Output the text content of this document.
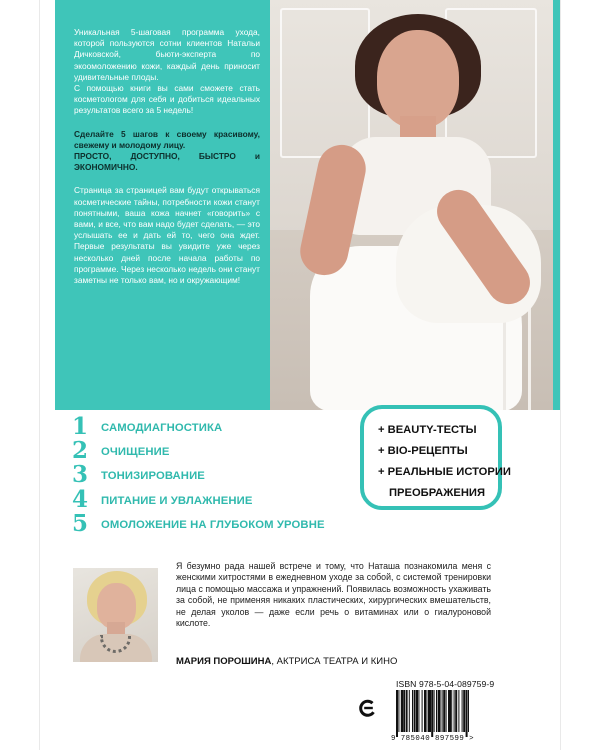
Уникальная 5-шаговая программа ухода, которой пользуются сотни клиентов Натальи Дичковской, бьюти-эксперта по экоомоложению кожи, каждый день приносит удивительные плоды.

С помощью книги вы сами сможете стать косметологом для себя и добиться идеальных результатов всего за 5 недель!

Сделайте 5 шагов к своему красивому, свежему и молодому лицу.

ПРОСТО, ДОСТУПНО, БЫСТРО и ЭКОНОМИЧНО.

Страница за страницей вам будут открываться косметические тайны, потребности кожи станут понятными, ваша кожа начнет «говорить» с вами, и все, что вам надо будет сделать, — это услышать ее и дать ей то, чего она ждет. Первые результаты вы увидите уже через несколько дней после начала работы по программе. Через несколько недель они станут заметны не только вам, но и окружающим!

1	САМОДИАГНОСТИКА
2	ОЧИЩЕНИЕ
3	ТОНИЗИРОВАНИЕ
4	ПИТАНИЕ И УВЛАЖНЕНИЕ
5	ОМОЛОЖЕНИЕ НА ГЛУБОКОМ УРОВНЕ
+ BEAUTY-ТЕСТЫ
+ BIO-РЕЦЕПТЫ
+ РЕАЛЬНЫЕ ИСТОРИИ
ПРЕОБРАЖЕНИЯ

Я безумно рада нашей встрече и тому, что Наташа познакомила меня с женскими хитростями в ежедневном уходе за собой, с системой тренировки лица с помощью массажа и упражнений. Появилась возможность ухаживать за собой, не применяя никаких пластических, хирургических вмешательств, не делая уколов — даже если речь о витаминах или о гиалуроновой кислоте.

МАРИЯ ПОРОШИНА, АКТРИСА ТЕАТРА И КИНО

ISBN 978-5-04-089759-9
9 785040 897599 >
